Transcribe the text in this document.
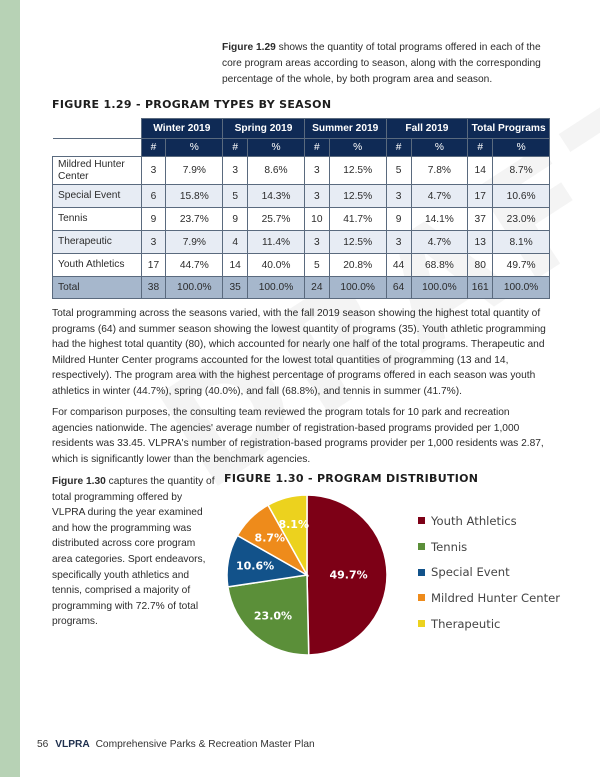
Figure 1.29 shows the quantity of total programs offered in each of the core program areas according to season, along with the corresponding percentage of the whole, by both program area and season.

FIGURE 1.29 - PROGRAM TYPES BY SEASON
	Winter 2019		Spring 2019		Summer 2019		Fall 2019		Total Programs	
	#	%	#	%	#	%	#	%	#	%
Mildred Hunter Center	3	7.9%	3	8.6%	3	12.5%	5	7.8%	14	8.7%
Special Event	6	15.8%	5	14.3%	3	12.5%	3	4.7%	17	10.6%
Tennis	9	23.7%	9	25.7%	10	41.7%	9	14.1%	37	23.0%
Therapeutic	3	7.9%	4	11.4%	3	12.5%	3	4.7%	13	8.1%
Youth Athletics	17	44.7%	14	40.0%	5	20.8%	44	68.8%	80	49.7%
Total	38	100.0%	35	100.0%	24	100.0%	64	100.0%	161	100.0%

Total programming across the seasons varied, with the fall 2019 season showing the highest total quantity of programs (64) and summer season showing the lowest quantity of programs (35). Youth athletic programming had the highest total quantity (80), which accounted for nearly one half of the total programs. Therapeutic and Mildred Hunter Center programs accounted for the lowest total quantities of programming (13 and 14, respectively). The program area with the highest percentage of programs offered in each season was youth athletics in winter (44.7%), spring (40.0%), and fall (68.8%), and tennis in summer (41.7%).

For comparison purposes, the consulting team reviewed the program totals for 10 park and recreation agencies nationwide. The agencies' average number of registration-based programs provided per 1,000 residents was 33.45. VLPRA's number of registration-based programs provider per 1,000 residents was 2.87, which is significantly lower than the benchmark agencies.

Figure 1.30 captures the quantity of total programming offered by VLPRA during the year examined and how the programming was distributed across core program area categories. Sport endeavors, specifically youth athletics and tennis, comprised a majority of programming with 72.7% of total programs.

FIGURE 1.30 - PROGRAM DISTRIBUTION
49.7%
23.0%
10.6%
8.7%
8.1%	Youth Athletics
Tennis
Special Event
Mildred Hunter Center
Therapeutic
56 VLPRA Comprehensive Parks & Recreation Master Plan
